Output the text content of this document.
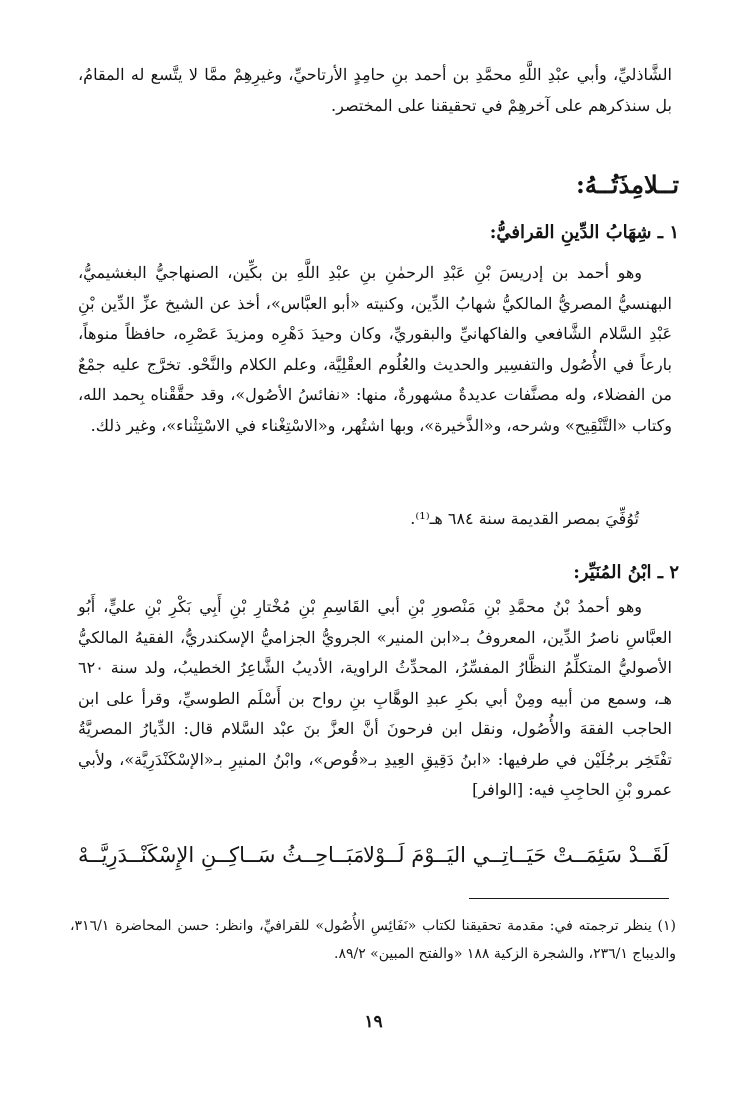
الشَّاذليِّ، وأبي عبْدِ اللَّهِ محمَّدِ بن أحمد بنِ حامِدٍ الأرتاحيِّ، وغيرِهِمْ ممَّا لا يتَّسع له المقامُ، بل سنذكرهم على آخرهِمْ في تحقيقنا على المختصر.
تــلامِذَتُــهُ:
١ ـ شِهَابُ الدِّينِ القرافيُّ:
وهو أحمد بن إدريسَ بْنِ عَبْدِ الرحمٰنِ بنِ عبْدِ اللَّهِ بن بكِّين، الصنهاجيُّ البغشيميُّ، البهنسيُّ المصريُّ المالكيُّ شهابُ الدِّين، وكنيته «أبو العبَّاس»، أخذ عن الشيخ عزِّ الدِّين بْنِ عَبْدِ السَّلام الشَّافعي والفاكهانيِّ والبقوريِّ، وكان وحيدَ دَهْرِه ومزيدَ عَصْرِه، حافظاً منوهاً، بارعاً في الأُصُول والتفسِير والحديث والعُلُوم العقْلِيَّة، وعلم الكلام والنَّحْو. تخرَّج عليه جمْعٌ من الفضلاء، وله مصنَّفات عديدةٌ مشهورةٌ، منها: «نفائسُ الأصُول»، وقد حقَّقْناه بِحمد الله، وكتاب «التَّنْقِيح» وشرحه، و«الذَّخيرة»، وبها اشتُهر، و«الاسْتِغْناء في الاسْتِثْناء»، وغير ذلك.
تُوُفِّيَ بمصر القديمة سنة ٦٨٤ هـ⁽¹⁾.
٢ ـ ابْنُ المُنَيِّر:
وهو أحمدُ بْنُ محمَّدِ بْنِ مَنْصورِ بْنِ أبي القَاسِمِ بْنِ مُخْتارِ بْنِ أَبِي بَكْرِ بْنِ عليٍّ، أَبُو العبَّاسِ ناصرُ الدِّين، المعروفُ بـ«ابن المنير» الجرويُّ الجزاميُّ الإسكندريُّ، الفقيهُ المالكيُّ الأصوليُّ المتكلِّمُ النظَّارُ المفسِّرُ، المحدِّثُ الراوية، الأديبُ الشَّاعِرُ الخطيبُ، ولد سنة ٦٢٠ هـ، وسمع من أبيه ومِنْ أبي بكرِ عبدِ الوهَّابِ بنِ رواح بن أَسْلَم الطوسيِّ، وقرأ على ابن الحاجب الفقهَ والأُصُول، ونقل ابن فرحونَ أنَّ العزَّ بنَ عبْد السَّلام قال: الدِّيارُ المصريَّةُ تفْتَخِر برجُلَيْن في طرفيها: «ابنُ دَقِيقِ العِيدِ بـ«قُوص»، وابْنُ المنيرِ بـ«الإسْكَنْدَرِيَّة»، ولأبي عمرو بْنِ الحاجِبِ فيه: [الوافر]
لَقَــدْ سَئِمَــتْ حَيَــاتِــي اليَــوْمَ لَــوْلا
مَبَــاحِــثُ سَــاكِــنِ الإِسْكَنْــدَرِيَّــهْ
(١) ينظر ترجمته في: مقدمة تحقيقنا لكتاب «نَفَائِسِ الأُصُول» للقرافيِّ، وانظر: حسن المحاضرة ٣١٦/١، والديباج ٢٣٦/١، والشجرة الزكية ١٨٨ «والفتح المبين» ٨٩/٢.
١٩
